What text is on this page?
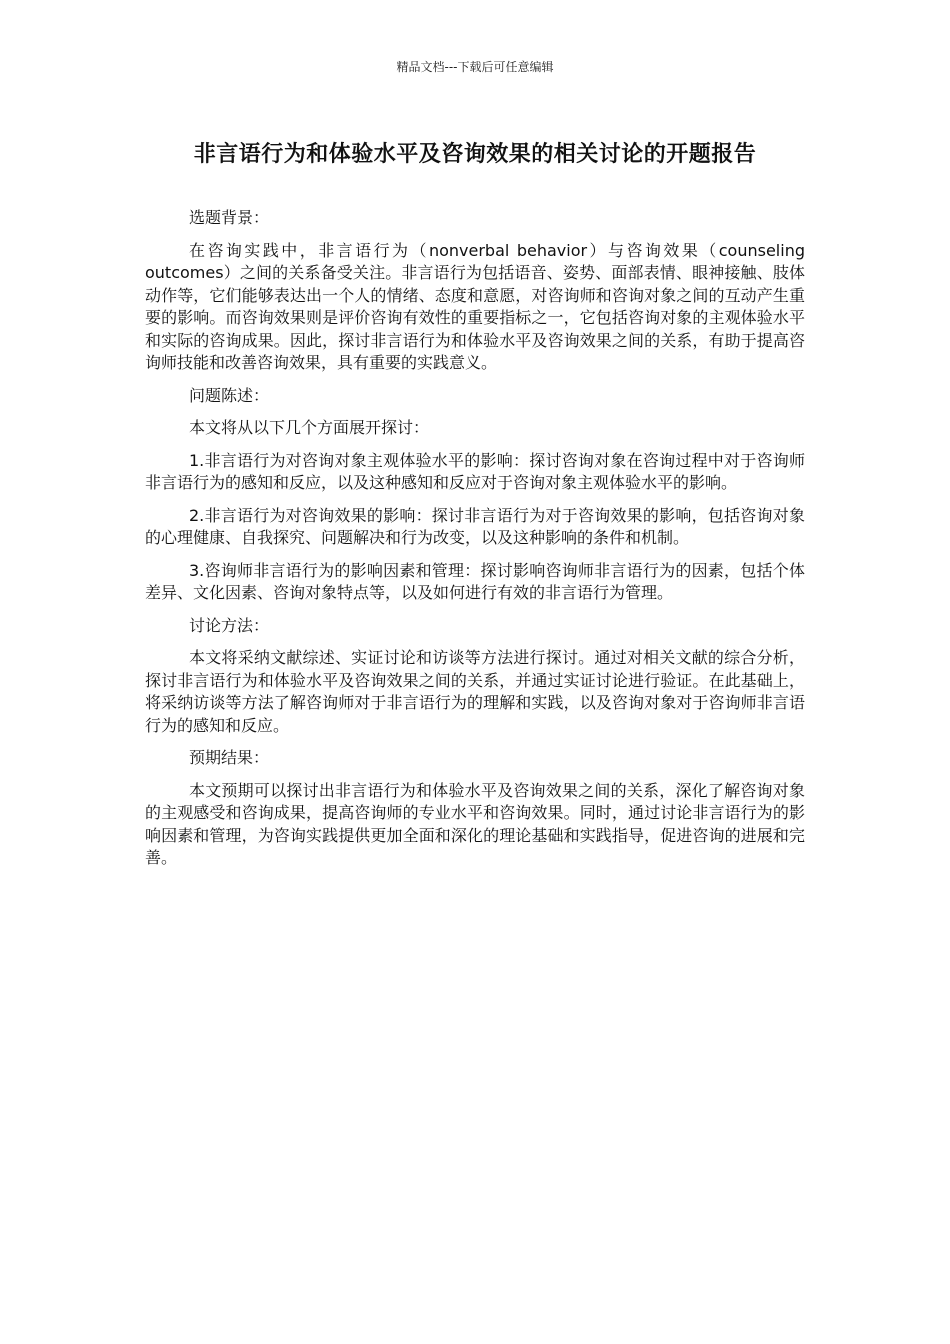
精品文档---下载后可任意编辑
非言语行为和体验水平及咨询效果的相关讨论的开题报告

选题背景：

在咨询实践中，非言语行为（nonverbal behavior）与咨询效果（counseling outcomes）之间的关系备受关注。非言语行为包括语音、姿势、面部表情、眼神接触、肢体动作等，它们能够表达出一个人的情绪、态度和意愿，对咨询师和咨询对象之间的互动产生重要的影响。而咨询效果则是评价咨询有效性的重要指标之一，它包括咨询对象的主观体验水平和实际的咨询成果。因此，探讨非言语行为和体验水平及咨询效果之间的关系，有助于提高咨询师技能和改善咨询效果，具有重要的实践意义。

问题陈述：

本文将从以下几个方面展开探讨：

1.非言语行为对咨询对象主观体验水平的影响：探讨咨询对象在咨询过程中对于咨询师非言语行为的感知和反应，以及这种感知和反应对于咨询对象主观体验水平的影响。

2.非言语行为对咨询效果的影响：探讨非言语行为对于咨询效果的影响，包括咨询对象的心理健康、自我探究、问题解决和行为改变，以及这种影响的条件和机制。

3.咨询师非言语行为的影响因素和管理：探讨影响咨询师非言语行为的因素，包括个体差异、文化因素、咨询对象特点等，以及如何进行有效的非言语行为管理。

讨论方法：

本文将采纳文献综述、实证讨论和访谈等方法进行探讨。通过对相关文献的综合分析，探讨非言语行为和体验水平及咨询效果之间的关系，并通过实证讨论进行验证。在此基础上，将采纳访谈等方法了解咨询师对于非言语行为的理解和实践，以及咨询对象对于咨询师非言语行为的感知和反应。

预期结果：

本文预期可以探讨出非言语行为和体验水平及咨询效果之间的关系，深化了解咨询对象的主观感受和咨询成果，提高咨询师的专业水平和咨询效果。同时，通过讨论非言语行为的影响因素和管理，为咨询实践提供更加全面和深化的理论基础和实践指导，促进咨询的进展和完善。
